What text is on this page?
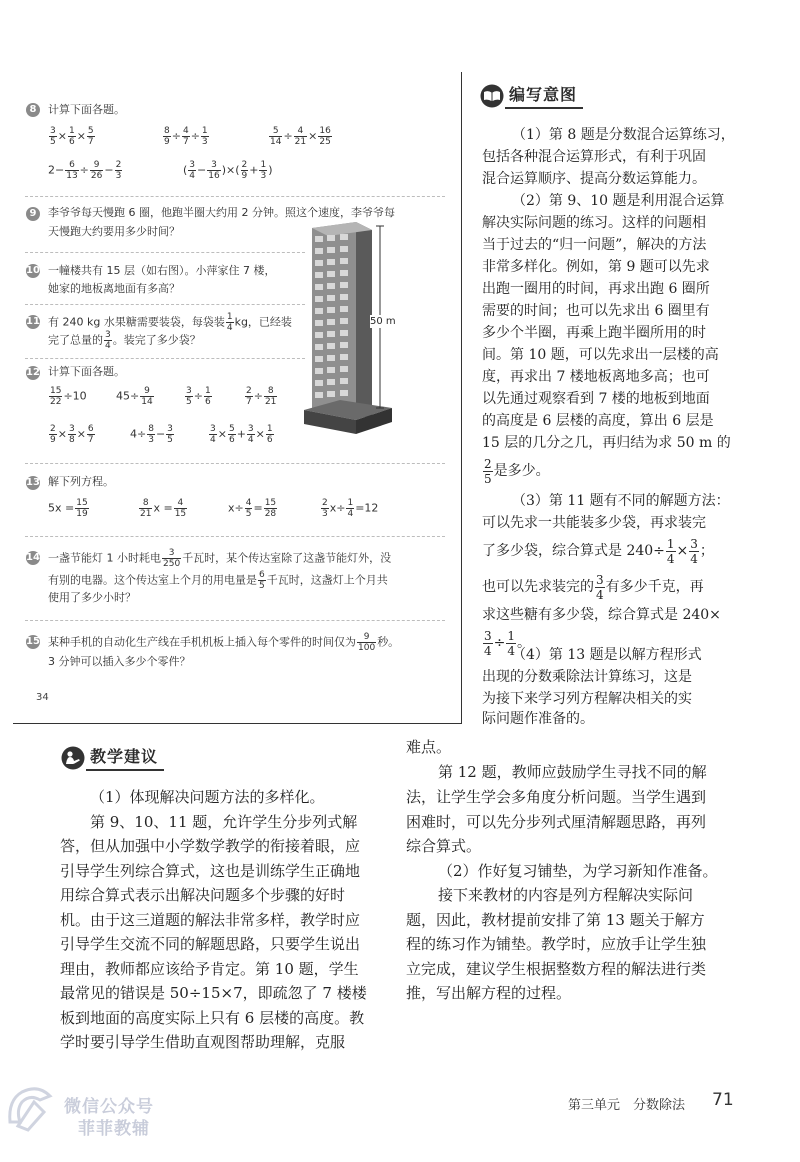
8	计算下面各题。
$\frac{3}{5} \times \frac{1}{6} \times \frac{5}{7}$	$\frac{8}{9} \div \frac{4}{7} \div \frac{1}{3}$	$\frac{5}{14} \div \frac{4}{21} \times \frac{16}{25}$
$2- \frac{6}{13} \div \frac{9}{26} - \frac{2}{3}$	( $\frac{3}{4} - \frac{3}{16}$ )×( $\frac{2}{9} + \frac{1}{3}$ )
9	李爷爷每天慢跑 6 圈，他跑半圈大约用 2 分钟。照这个速度，李爷爷每
天慢跑大约要用多少时间？
10 一幢楼共有 15 层（如右图）。小萍家住 7 楼，
她家的地板离地面有多高？
11 有 240 kg 水果糖需要装袋，每袋装 $\frac{1}{4}$ kg，已经装
完了总量的 $\frac{3}{4}$ 。装完了多少袋？
50 m
12 计算下面各题。
$\frac{15}{22} \div 10$	$45\div \frac{9}{14}$	$\frac{3}{5} \div \frac{1}{6}$	$\frac{2}{7} \div \frac{8}{21}$
$\frac{2}{9} \times \frac{3}{8} \times \frac{6}{7}$	$4\div \frac{8}{3} - \frac{3}{5}$	$\frac{3}{4} \times \frac{5}{6} + \frac{3}{4} \times \frac{1}{6}$
13 解下列方程。
$5x = \frac{15}{19}$	$\frac{8}{21}$ $x = \frac{4}{15}$	$x\div \frac{4}{5} = \frac{15}{28}$	$\frac{2}{3} x\div \frac{1}{4} =12$
14 一盏节能灯 1 小时耗电 $\frac{3}{250}$ 千瓦时，某个传达室除了这盏节能灯外，没
有别的电器。这个传达室上个月的用电量是 $\frac{6}{5}$ 千瓦时，这盏灯上个月共
使用了多少小时？
15 某种手机的自动化生产线在手机机板上插入每个零件的时间仅为 $\frac{9}{100}$ 秒。
3 分钟可以插入多少个零件？
34
编写意图
（1）第 8 题是分数混合运算练习，
包括各种混合运算形式，有利于巩固
混合运算顺序、提高分数运算能力。
（2）第 9、10 题是利用混合运算
解决实际问题的练习。这样的问题相
当于过去的“归一问题”，解决的方法
非常多样化。例如，第 9 题可以先求
出跑一圈用的时间，再求出跑 6 圈所
需要的时间；也可以先求出 6 圈里有
多少个半圈，再乘上跑半圈所用的时
间。第 10 题，可以先求出一层楼的高
度，再求出 7 楼地板离地多高；也可
以先通过观察看到 7 楼的地板到地面
的高度是 6 层楼的高度，算出 6 层是
15 层的几分之几，再归结为求 50 m 的
$\frac{2}{5}$ 是多少。
（3）第 11 题有不同的解题方法：
可以先求一共能装多少袋，再求装完
了多少袋，综合算式是 $240\div \frac{1}{4} \times \frac{3}{4}$ ；
也可以先求装完的 $\frac{3}{4}$ 有多少千克，再
求这些糖有多少袋，综合算式是 240×
$\frac{3}{4} \div \frac{1}{4}$ 。
（4）第 13 题是以解方程形式
出现的分数乘除法计算练习，这是
为接下来学习列方程解决相关的实
际问题作准备的。
教学建议
（1）体现解决问题方法的多样化。
第 9、10、11 题，允许学生分步列式解
答，但从加强中小学数学教学的衔接着眼，应
引导学生列综合算式，这也是训练学生正确地
用综合算式表示出解决问题多个步骤的好时
机。由于这三道题的解法非常多样，教学时应
引导学生交流不同的解题思路，只要学生说出
理由，教师都应该给予肯定。第 10 题，学生
最常见的错误是 50÷15×7，即疏忽了 7 楼楼
板到地面的高度实际上只有 6 层楼的高度。教
学时要引导学生借助直观图帮助理解，克服
难点。
第 12 题，教师应鼓励学生寻找不同的解
法，让学生学会多角度分析问题。当学生遇到
困难时，可以先分步列式厘清解题思路，再列
综合算式。
（2）作好复习铺垫，为学习新知作准备。
接下来教材的内容是列方程解决实际问
题，因此，教材提前安排了第 13 题关于解方
程的练习作为铺垫。教学时，应放手让学生独
立完成，建议学生根据整数方程的解法进行类
推，写出解方程的过程。
微信公众号
菲菲教辅
第三单元　分数除法 71
